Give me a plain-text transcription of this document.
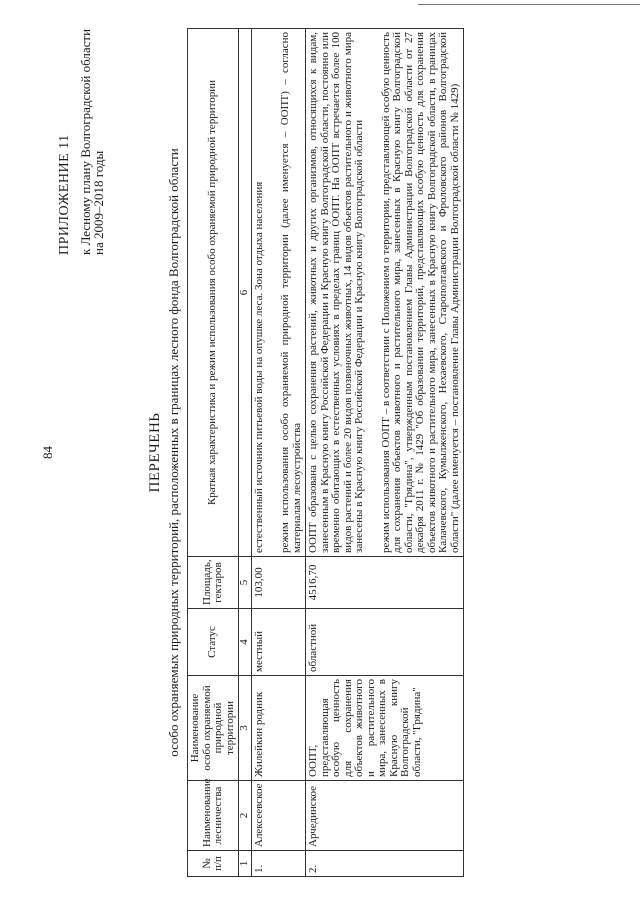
84
ПРИЛОЖЕНИЕ 11 к Лесному плану Волгоградской области
на 2009–2018 годы
ПЕРЕЧЕНЬ особо охраняемых природных территорий, расположенных в границах лесного фонда Волгоградской области
№ п/п	Наименование лесничества	Наименование особо охраняемой природной территории	Статус	Площадь, гектаров	Краткая характеристика и режим использования особо охраняемой природной территории
1	2	3	4	5	6
1.	Алексеевское	Жилейкин родник	местный	103,00	естественный источник питьевой воды на опушке леса. Зона отдыха населения режим использования особо охраняемой природной территории (далее именуется – ООПТ) – согласно материалам лесоустройства

2.	Арчединское	ООПТ, представляющая особую ценность для сохранения объектов животного и растительного мира, занесенных в Красную книгу Волгоградской области, "Грядина"	областной	4516,70	ООПТ образована с целью сохранения растений, животных и других организмов, относящихся к видам, занесенным в Красную книгу Российской Федерации и Красную книгу Волгоградской области, постоянно или временно обитающих в естественных условиях в пределах границ ООПТ. На ООПТ встречается более 100 видов растений и более 20 видов позвоночных животных, 14 видов объектов растительного и животного мира занесены в Красную книгу Российской Федерации и Красную книгу Волгоградской области режим использования ООПТ – в соответствии с Положением о территории, представляющей особую ценность для сохранения объектов животного и растительного мира, занесенных в Красную книгу Волгоградской области, "Грядина", утвержденным постановлением Главы Администрации Волгоградской области от 27 декабря 2011 г. № 1429 "Об образовании территорий, представляющих особую ценность для сохранения объектов животного и растительного мира, занесенных в Красную книгу Волгоградской области, в границах Калачевского, Кумылженского, Нехаевского, Старополтавского и Фроловского районов Волгоградской области" (далее именуется – постановление Главы Администрации Волгоградской области № 1429)
